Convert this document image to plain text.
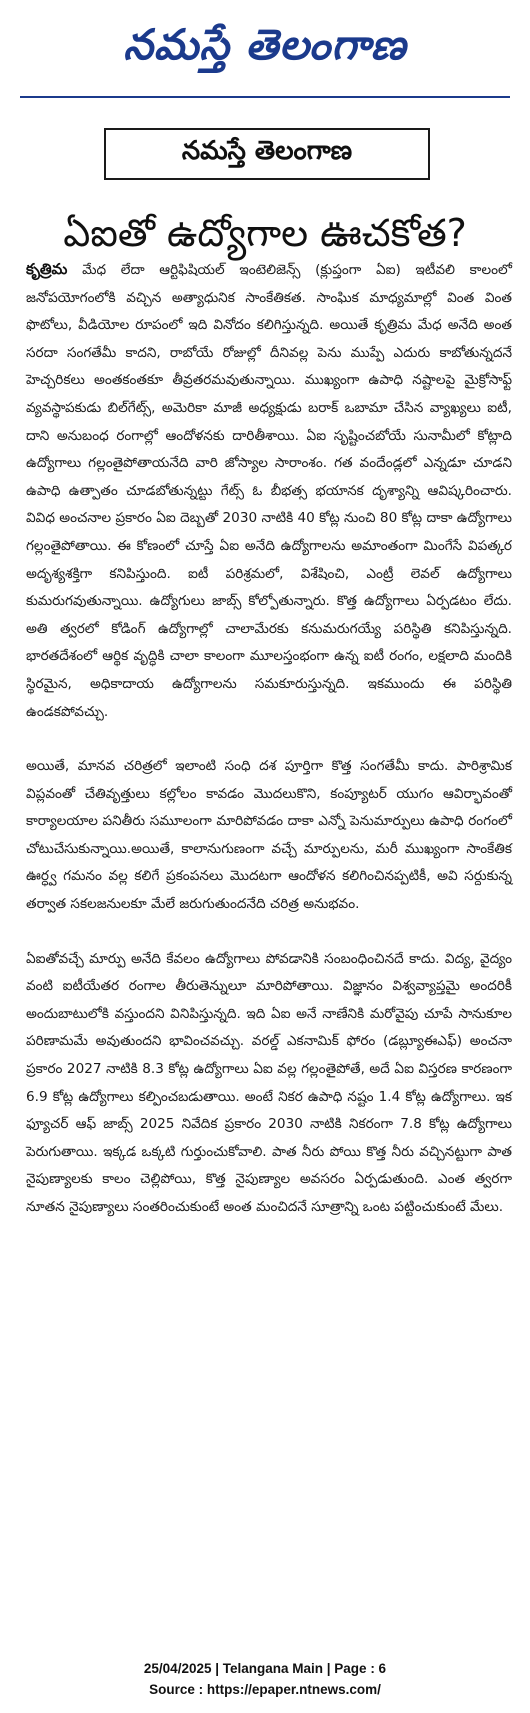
నమస్తే తెలంగాణ
నమస్తే తెలంగాణ
ఏఐతో ఉద్యోగాల ఊచకోత?

కృత్రిమ మేధ లేదా ఆర్టిఫిషియల్ ఇంటెలిజెన్స్ (క్లుప్తంగా ఏఐ) ఇటీవలి కాలంలో జనోపయోగంలోకి వచ్చిన అత్యాధునిక సాంకేతికత. సాంఘిక మాధ్యమాల్లో వింత వింత ఫొటోలు, వీడియోల రూపంలో ఇది వినోదం కలిగిస్తున్నది. అయితే కృత్రిమ మేధ అనేది అంత సరదా సంగతేమీ కాదని, రాబోయే రోజుల్లో దీనివల్ల పెను ముప్పే ఎదురు కాబోతున్నదనే హెచ్చరికలు అంతకంతకూ తీవ్రతరమవుతున్నాయి. ముఖ్యంగా ఉపాధి నష్టాలపై మైక్రోసాఫ్ట్ వ్యవస్థాపకుడు బిల్‌గేట్స్, అమెరికా మాజీ అధ్యక్షుడు బరాక్ ఒబామా చేసిన వ్యాఖ్యలు ఐటీ, దాని అనుబంధ రంగాల్లో ఆందోళనకు దారితీశాయి. ఏఐ సృష్టించబోయే సునామీలో కోట్లాది ఉద్యోగాలు గల్లంతైపోతాయనేది వారి జోస్యాల సారాంశం. గత వందేండ్లలో ఎన్నడూ చూడని ఉపాధి ఉత్పాతం చూడబోతున్నట్టు గేట్స్ ఓ బీభత్స భయానక దృశ్యాన్ని ఆవిష్కరించారు. వివిధ అంచనాల ప్రకారం ఏఐ దెబ్బతో 2030 నాటికి 40 కోట్ల నుంచి 80 కోట్ల దాకా ఉద్యోగాలు గల్లంతైపోతాయి. ఈ కోణంలో చూస్తే ఏఐ అనేది ఉద్యోగాలను అమాంతంగా మింగేసే విపత్కర అదృశ్యశక్తిగా కనిపిస్తుంది. ఐటీ పరిశ్రమలో, విశేషించి, ఎంట్రీ లెవల్ ఉద్యోగాలు కుమరుగవుతున్నాయి. ఉద్యోగులు జాబ్స్ కోల్పోతున్నారు. కొత్త ఉద్యోగాలు ఏర్పడటం లేదు. అతి త్వరలో కోడింగ్ ఉద్యోగాల్లో చాలామేరకు కనుమరుగయ్యే పరిస్థితి కనిపిస్తున్నది. భారతదేశంలో ఆర్థిక వృద్ధికి చాలా కాలంగా మూలస్తంభంగా ఉన్న ఐటీ రంగం, లక్షలాది మందికి స్థిరమైన, అధికాదాయ ఉద్యోగాలను సమకూరుస్తున్నది. ఇకముందు ఈ పరిస్థితి ఉండకపోవచ్చు.

అయితే, మానవ చరిత్రలో ఇలాంటి సంధి దశ పూర్తిగా కొత్త సంగతేమీ కాదు. పారిశ్రామిక విప్లవంతో చేతివృత్తులు కల్లోలం కావడం మొదలుకొని, కంప్యూటర్ యుగం ఆవిర్భావంతో కార్యాలయాల పనితీరు సమూలంగా మారిపోవడం దాకా ఎన్నో పెనుమార్పులు ఉపాధి రంగంలో చోటుచేసుకున్నాయి.అయితే, కాలానుగుణంగా వచ్చే మార్పులను, మరీ ముఖ్యంగా సాంకేతిక ఊర్ధ్వ గమనం వల్ల కలిగే ప్రకంపనలు మొదటగా ఆందోళన కలిగించినప్పటికీ, అవి సర్దుకున్న తర్వాత సకలజనులకూ మేలే జరుగుతుందనేది చరిత్ర అనుభవం.

ఏఐతోవచ్చే మార్పు అనేది కేవలం ఉద్యోగాలు పోవడానికి సంబంధించినదే కాదు. విద్య, వైద్యం వంటి ఐటీయేతర రంగాల తీరుతెన్నులూ మారిపోతాయి. విజ్ఞానం విశ్వవ్యాప్తమై అందరికీ అందుబాటులోకి వస్తుందని వినిపిస్తున్నది. ఇది ఏఐ అనే నాణేనికి మరోవైపు చూపే సానుకూల పరిణామమే అవుతుందని భావించవచ్చు. వరల్డ్ ఎకనామిక్ ఫోరం (డబ్ల్యూఈఎఫ్) అంచనా ప్రకారం 2027 నాటికి 8.3 కోట్ల ఉద్యోగాలు ఏఐ వల్ల గల్లంతైపోతే, అదే ఏఐ విస్తరణ కారణంగా 6.9 కోట్ల ఉద్యోగాలు కల్పించబడుతాయి. అంటే నికర ఉపాధి నష్టం 1.4 కోట్ల ఉద్యోగాలు. ఇక ఫ్యూచర్ ఆఫ్ జాబ్స్ 2025 నివేదిక ప్రకారం 2030 నాటికి నికరంగా 7.8 కోట్ల ఉద్యోగాలు పెరుగుతాయి. ఇక్కడ ఒక్కటి గుర్తుంచుకోవాలి. పాత నీరు పోయి కొత్త నీరు వచ్చినట్టుగా పాత నైపుణ్యాలకు కాలం చెల్లిపోయి, కొత్త నైపుణ్యాల అవసరం ఏర్పడుతుంది. ఎంత త్వరగా నూతన నైపుణ్యాలు సంతరించుకుంటే అంత మంచిదనే సూత్రాన్ని ఒంట పట్టించుకుంటే మేలు.

25/04/2025 | Telangana Main | Page : 6
Source : https://epaper.ntnews.com/
